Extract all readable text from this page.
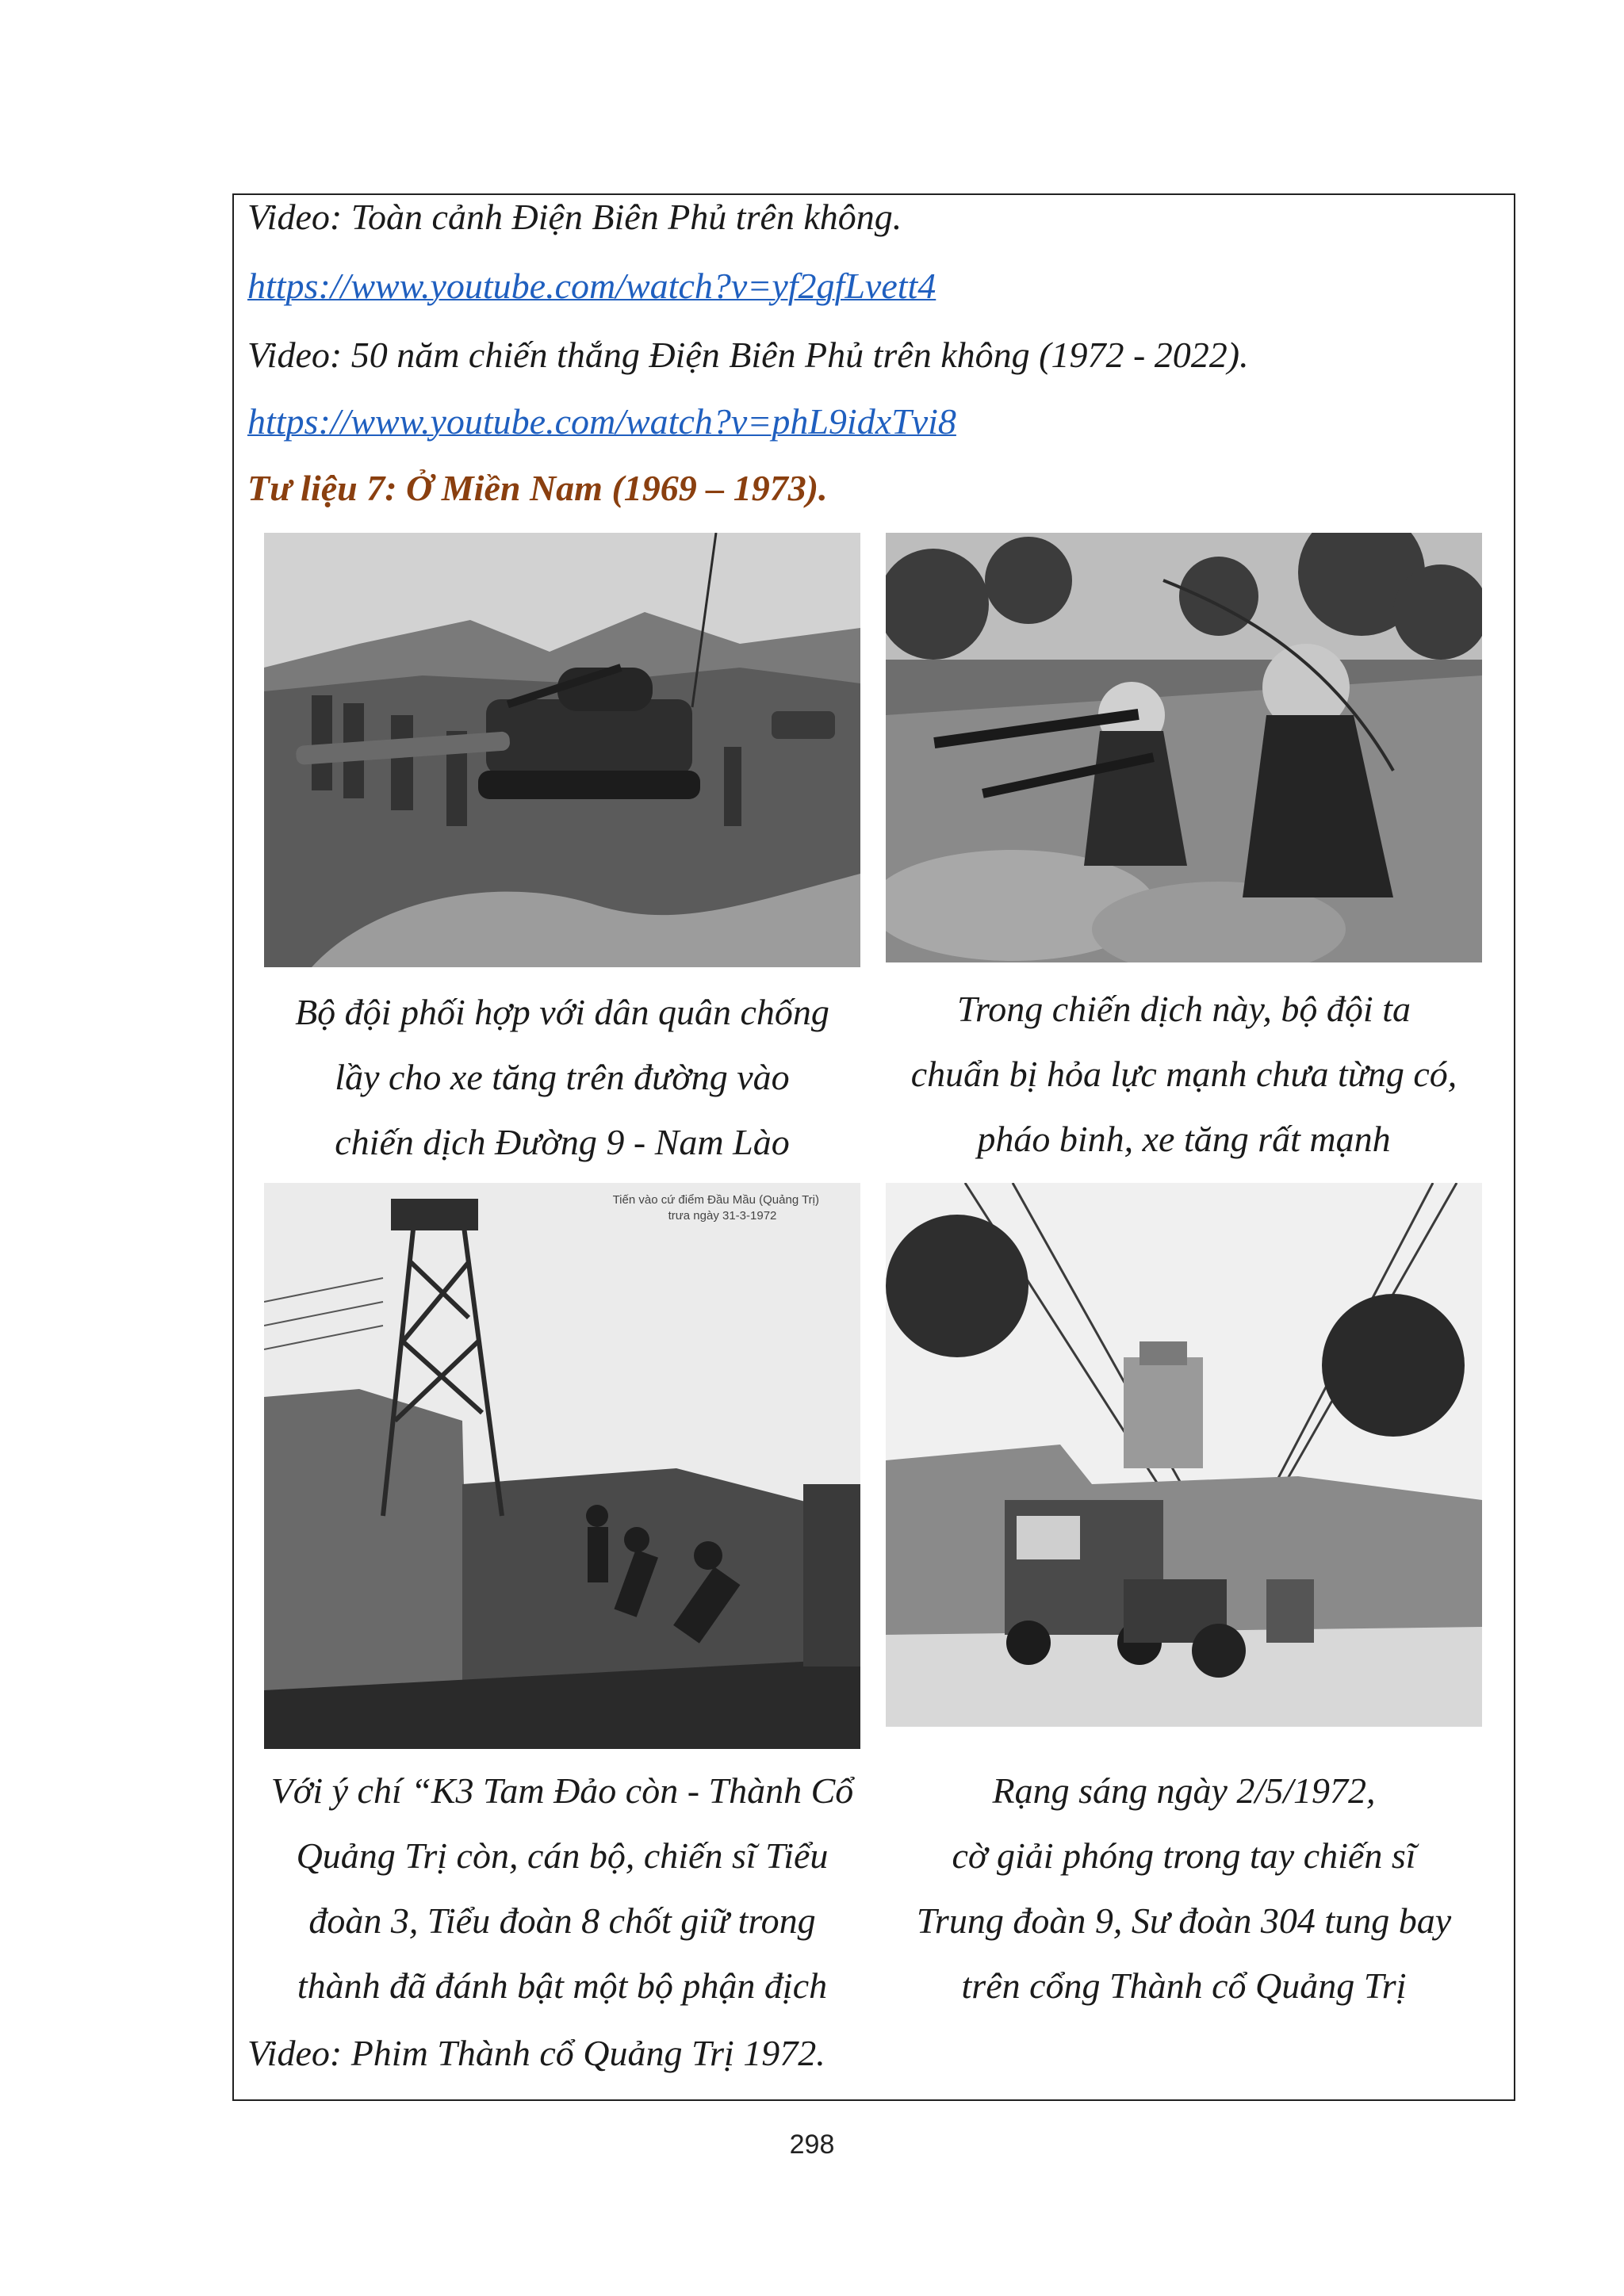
Video: Toàn cảnh Điện Biên Phủ trên không.
https://www.youtube.com/watch?v=yf2gfLvett4
Video: 50 năm chiến thắng Điện Biên Phủ trên không (1972 - 2022).
https://www.youtube.com/watch?v=phL9idxTvi8
Tư liệu 7: Ở Miền Nam (1969 – 1973).
Tiến vào cứ điểm Đầu Mầu (Quảng Trị)
trưa ngày 31-3-1972
Bộ đội phối hợp với dân quân chống
lầy cho xe tăng trên đường vào
chiến dịch Đường 9 - Nam Lào
Trong chiến dịch này, bộ đội ta
chuẩn bị hỏa lực mạnh chưa từng có,
pháo binh, xe tăng rất mạnh
Với ý chí “K3 Tam Đảo còn - Thành Cổ
Quảng Trị còn, cán bộ, chiến sĩ Tiểu
đoàn 3, Tiểu đoàn 8 chốt giữ trong
thành đã đánh bật một bộ phận địch
Rạng sáng ngày 2/5/1972,
cờ giải phóng trong tay chiến sĩ
Trung đoàn 9, Sư đoàn 304 tung bay
trên cổng Thành cổ Quảng Trị
Video: Phim Thành cổ Quảng Trị 1972.
298
